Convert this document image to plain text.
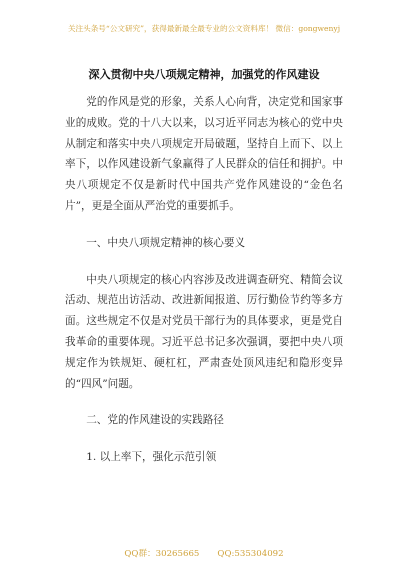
关注头条号“公文研究”，获得最新最全最专业的公文资料库！ 微信：gongwenyj
深入贯彻中央八项规定精神，加强党的作风建设

党的作风是党的形象，关系人心向背，决定党和国家事业的成败。党的十八大以来，以习近平同志为核心的党中央从制定和落实中央八项规定开局破题，坚持自上而下、以上率下，以作风建设新气象赢得了人民群众的信任和拥护。中央八项规定不仅是新时代中国共产党作风建设的“金色名片”，更是全面从严治党的重要抓手。

一、中央八项规定精神的核心要义

中央八项规定的核心内容涉及改进调查研究、精简会议活动、规范出访活动、改进新闻报道、厉行勤俭节约等多方面。这些规定不仅是对党员干部行为的具体要求，更是党自我革命的重要体现。习近平总书记多次强调，要把中央八项规定作为铁规矩、硬杠杠，严肃查处顶风违纪和隐形变异的“四风”问题。

二、党的作风建设的实践路径

1. 以上率下，强化示范引领

QQ群：30265665 QQ:535304092
